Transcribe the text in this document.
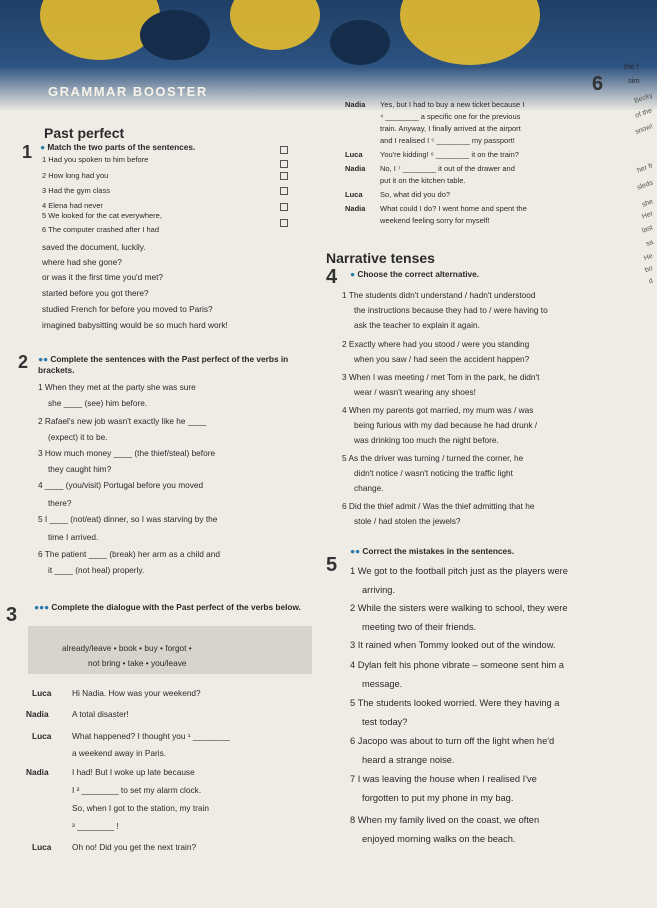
GRAMMAR BOOSTER	6
the f
sim
Becky
of the
snow!
her fr
sleds
she
Her
last
sa
He
bo
d
Past perfect
1 ● Match the two parts of the sentences.
1 Had you spoken to him before
2 How long had you
3 Had the gym class
4 Elena had never
5 We looked for the cat everywhere,
6 The computer crashed after I had
saved the document, luckily.
where had she gone?
or was it the first time you'd met?
started before you got there?
studied French for before you moved to Paris?
imagined babysitting would be so much hard work!
2 ●● Complete the sentences with the Past perfect of the verbs in brackets.
1 When they met at the party she was sure
she ____ (see) him before.
2 Rafael's new job wasn't exactly like he ____
(expect) it to be.
3 How much money ____ (the thief/steal) before
they caught him?
4 ____ (you/visit) Portugal before you moved
there?
5 I ____ (not/eat) dinner, so I was starving by the
time I arrived.
6 The patient ____ (break) her arm as a child and
it ____ (not heal) properly.
3 ●●● Complete the dialogue with the Past perfect of the verbs below.
already/leave • book • buy • forgot •
not bring • take • you/leave
Luca Hi Nadia. How was your weekend?
Nadia	A total disaster!
Luca What happened? I thought you ¹ ________
a weekend away in Paris.
Nadia	I had! But I woke up late because
I ² ________ to set my alarm clock.
So, when I got to the station, my train
³ ________ !
Luca Oh no! Did you get the next train?
Nadia Yes, but I had to buy a new ticket because I
⁴ ________ a specific one for the previous
train. Anyway, I finally arrived at the airport
and I realised I ⁵ ________ my passport!
Luca You're kidding! ⁶ ________ it on the train?
Nadia No, I ⁷ ________ it out of the drawer and
put it on the kitchen table.
Luca So, what did you do?
Nadia What could I do? I went home and spent the
weekend feeling sorry for myself!
Narrative tenses
4 ● Choose the correct alternative.
1 The students didn't understand / hadn't understood
the instructions because they had to / were having to
ask the teacher to explain it again.
2 Exactly where had you stood / were you standing
when you saw / had seen the accident happen?
3 When I was meeting / met Tom in the park, he didn't
wear / wasn't wearing any shoes!
4 When my parents got married, my mum was / was
being furious with my dad because he had drunk /
was drinking too much the night before.
5 As the driver was turning / turned the corner, he
didn't notice / wasn't noticing the traffic light
change.
6 Did the thief admit / Was the thief admitting that he
stole / had stolen the jewels?
5
●● Correct the mistakes in the sentences.
1 We got to the football pitch just as the players were
arriving.
2 While the sisters were walking to school, they were
meeting two of their friends.
3 It rained when Tommy looked out of the window.
4 Dylan felt his phone vibrate – someone sent him a
message.
5 The students looked worried. Were they having a
test today?
6 Jacopo was about to turn off the light when he'd
heard a strange noise.
7 I was leaving the house when I realised I've
forgotten to put my phone in my bag.
8 When my family lived on the coast, we often
enjoyed morning walks on the beach.
